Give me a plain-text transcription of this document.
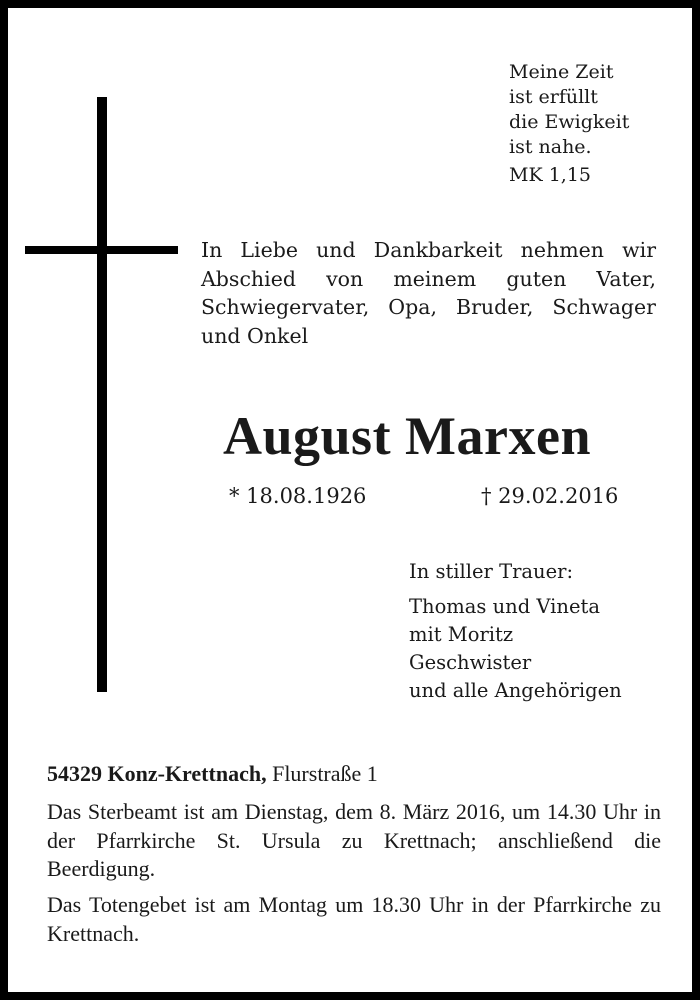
Meine Zeit
ist erfüllt
die Ewigkeit
ist nahe.
MK 1,15
In Liebe und Dankbarkeit nehmen wir Abschied von meinem guten Vater, Schwiegervater, Opa, Bruder, Schwager und Onkel
August Marxen
* 18.08.1926	† 29.02.2016
In stiller Trauer:
Thomas und Vineta
mit Moritz
Geschwister
und alle Angehörigen
54329 Konz-Krettnach, Flurstraße 1
Das Sterbeamt ist am Dienstag, dem 8. März 2016, um 14.30 Uhr in der Pfarrkirche St. Ursula zu Krettnach; anschließend die Beerdigung.
Das Totengebet ist am Montag um 18.30 Uhr in der Pfarrkirche zu Krettnach.
